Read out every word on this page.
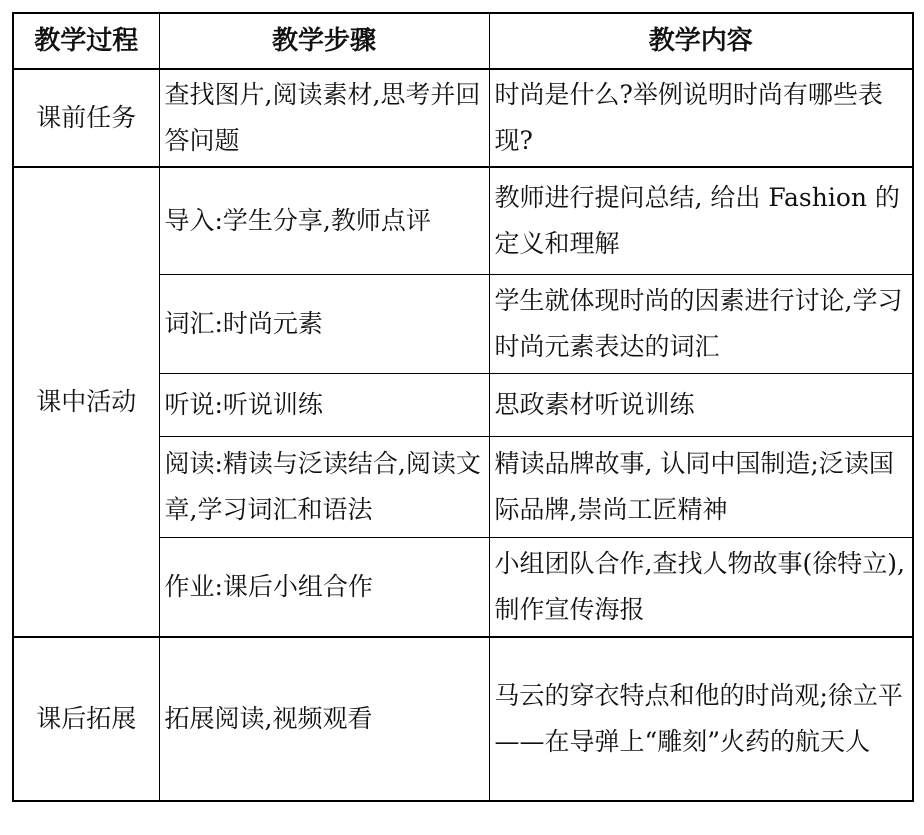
教学过程	教学步骤	教学内容
课前任务	查找图片,阅读素材,思考并回答问题	时尚是什么?举例说明时尚有哪些表现?
课中活动	导入:学生分享,教师点评	教师进行提问总结, 给出 Fashion 的定义和理解
	词汇:时尚元素	学生就体现时尚的因素进行讨论,学习时尚元素表达的词汇
	听说:听说训练	思政素材听说训练
	阅读:精读与泛读结合,阅读文章,学习词汇和语法	精读品牌故事, 认同中国制造;泛读国际品牌,崇尚工匠精神
	作业:课后小组合作	小组团队合作,查找人物故事(徐特立),制作宣传海报
课后拓展	拓展阅读,视频观看	马云的穿衣特点和他的时尚观;徐立平——在导弹上“雕刻”火药的航天人
